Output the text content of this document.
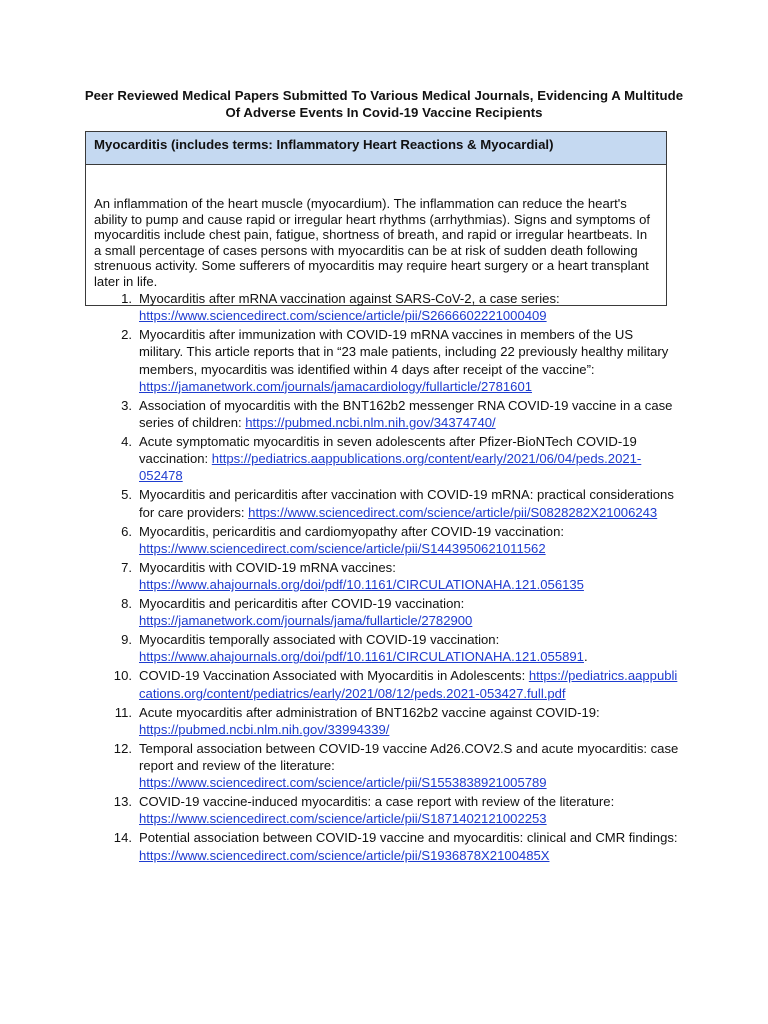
Peer Reviewed Medical Papers Submitted To Various Medical Journals, Evidencing A Multitude Of Adverse Events In Covid-19 Vaccine Recipients
Myocarditis (includes terms: Inflammatory Heart Reactions & Myocardial)
An inflammation of the heart muscle (myocardium). The inflammation can reduce the heart's ability to pump and cause rapid or irregular heart rhythms (arrhythmias). Signs and symptoms of myocarditis include chest pain, fatigue, shortness of breath, and rapid or irregular heartbeats. In a small percentage of cases persons with myocarditis can be at risk of sudden death following strenuous activity. Some sufferers of myocarditis may require heart surgery or a heart transplant later in life.
1. Myocarditis after mRNA vaccination against SARS-CoV-2, a case series: https://www.sciencedirect.com/science/article/pii/S2666602221000409
2. Myocarditis after immunization with COVID-19 mRNA vaccines in members of the US military. This article reports that in “23 male patients, including 22 previously healthy military members, myocarditis was identified within 4 days after receipt of the vaccine”: https://jamanetwork.com/journals/jamacardiology/fullarticle/2781601
3. Association of myocarditis with the BNT162b2 messenger RNA COVID-19 vaccine in a case series of children: https://pubmed.ncbi.nlm.nih.gov/34374740/
4. Acute symptomatic myocarditis in seven adolescents after Pfizer-BioNTech COVID-19 vaccination: https://pediatrics.aappublications.org/content/early/2021/06/04/peds.2021-052478
5. Myocarditis and pericarditis after vaccination with COVID-19 mRNA: practical considerations for care providers: https://www.sciencedirect.com/science/article/pii/S0828282X21006243
6. Myocarditis, pericarditis and cardiomyopathy after COVID-19 vaccination: https://www.sciencedirect.com/science/article/pii/S1443950621011562
7. Myocarditis with COVID-19 mRNA vaccines: https://www.ahajournals.org/doi/pdf/10.1161/CIRCULATIONAHA.121.056135
8. Myocarditis and pericarditis after COVID-19 vaccination: https://jamanetwork.com/journals/jama/fullarticle/2782900
9. Myocarditis temporally associated with COVID-19 vaccination: https://www.ahajournals.org/doi/pdf/10.1161/CIRCULATIONAHA.121.055891.
10. COVID-19 Vaccination Associated with Myocarditis in Adolescents: https://pediatrics.aappublications.org/content/pediatrics/early/2021/08/12/peds.2021-053427.full.pdf
11. Acute myocarditis after administration of BNT162b2 vaccine against COVID-19: https://pubmed.ncbi.nlm.nih.gov/33994339/
12. Temporal association between COVID-19 vaccine Ad26.COV2.S and acute myocarditis: case report and review of the literature: https://www.sciencedirect.com/science/article/pii/S1553838921005789
13. COVID-19 vaccine-induced myocarditis: a case report with review of the literature: https://www.sciencedirect.com/science/article/pii/S1871402121002253
14. Potential association between COVID-19 vaccine and myocarditis: clinical and CMR findings: https://www.sciencedirect.com/science/article/pii/S1936878X2100485X
